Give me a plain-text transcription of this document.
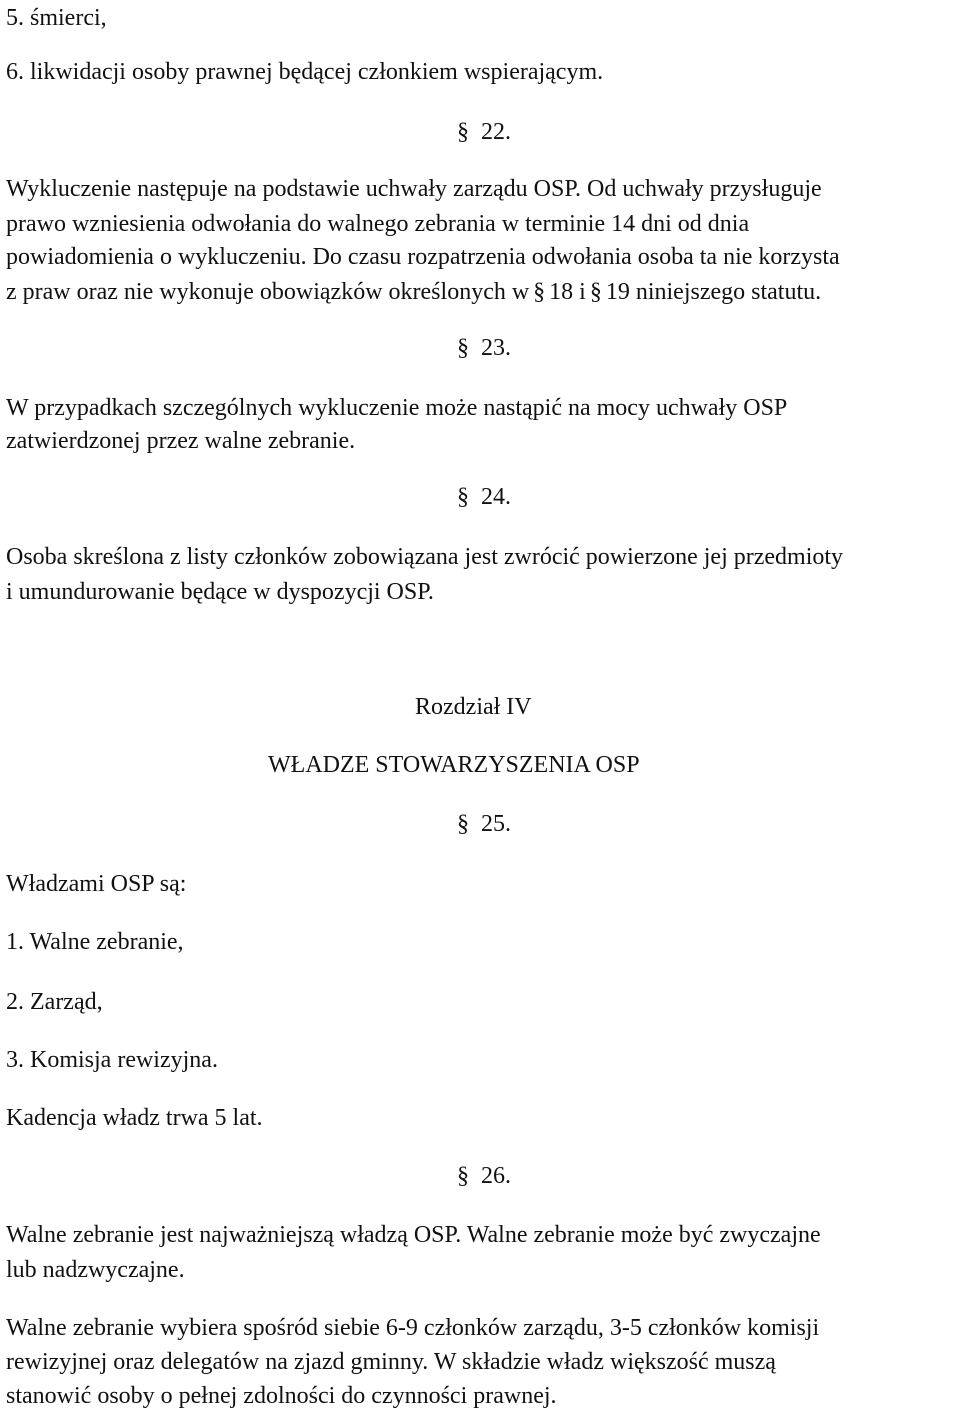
5. śmierci,
6. likwidacji osoby prawnej będącej członkiem wspierającym.
§ 22.
Wykluczenie następuje na podstawie uchwały zarządu OSP. Od uchwały przysługuje
prawo wzniesienia odwołania do walnego zebrania w terminie 14 dni od dnia
powiadomienia o wykluczeniu. Do czasu rozpatrzenia odwołania osoba ta nie korzysta
z praw oraz nie wykonuje obowiązków określonych w § 18 i § 19 niniejszego statutu.
§ 23.
W przypadkach szczególnych wykluczenie może nastąpić na mocy uchwały OSP
zatwierdzonej przez walne zebranie.
§ 24.
Osoba skreślona z listy członków zobowiązana jest zwrócić powierzone jej przedmioty
i umundurowanie będące w dyspozycji OSP.
Rozdział IV
WŁADZE STOWARZYSZENIA OSP
§ 25.
Władzami OSP są:
1. Walne zebranie,
2. Zarząd,
3. Komisja rewizyjna.
Kadencja władz trwa 5 lat.
§ 26.
Walne zebranie jest najważniejszą władzą OSP. Walne zebranie może być zwyczajne
lub nadzwyczajne.
Walne zebranie wybiera spośród siebie 6-9 członków zarządu, 3-5 członków komisji
rewizyjnej oraz delegatów na zjazd gminny. W składzie władz większość muszą
stanowić osoby o pełnej zdolności do czynności prawnej.
